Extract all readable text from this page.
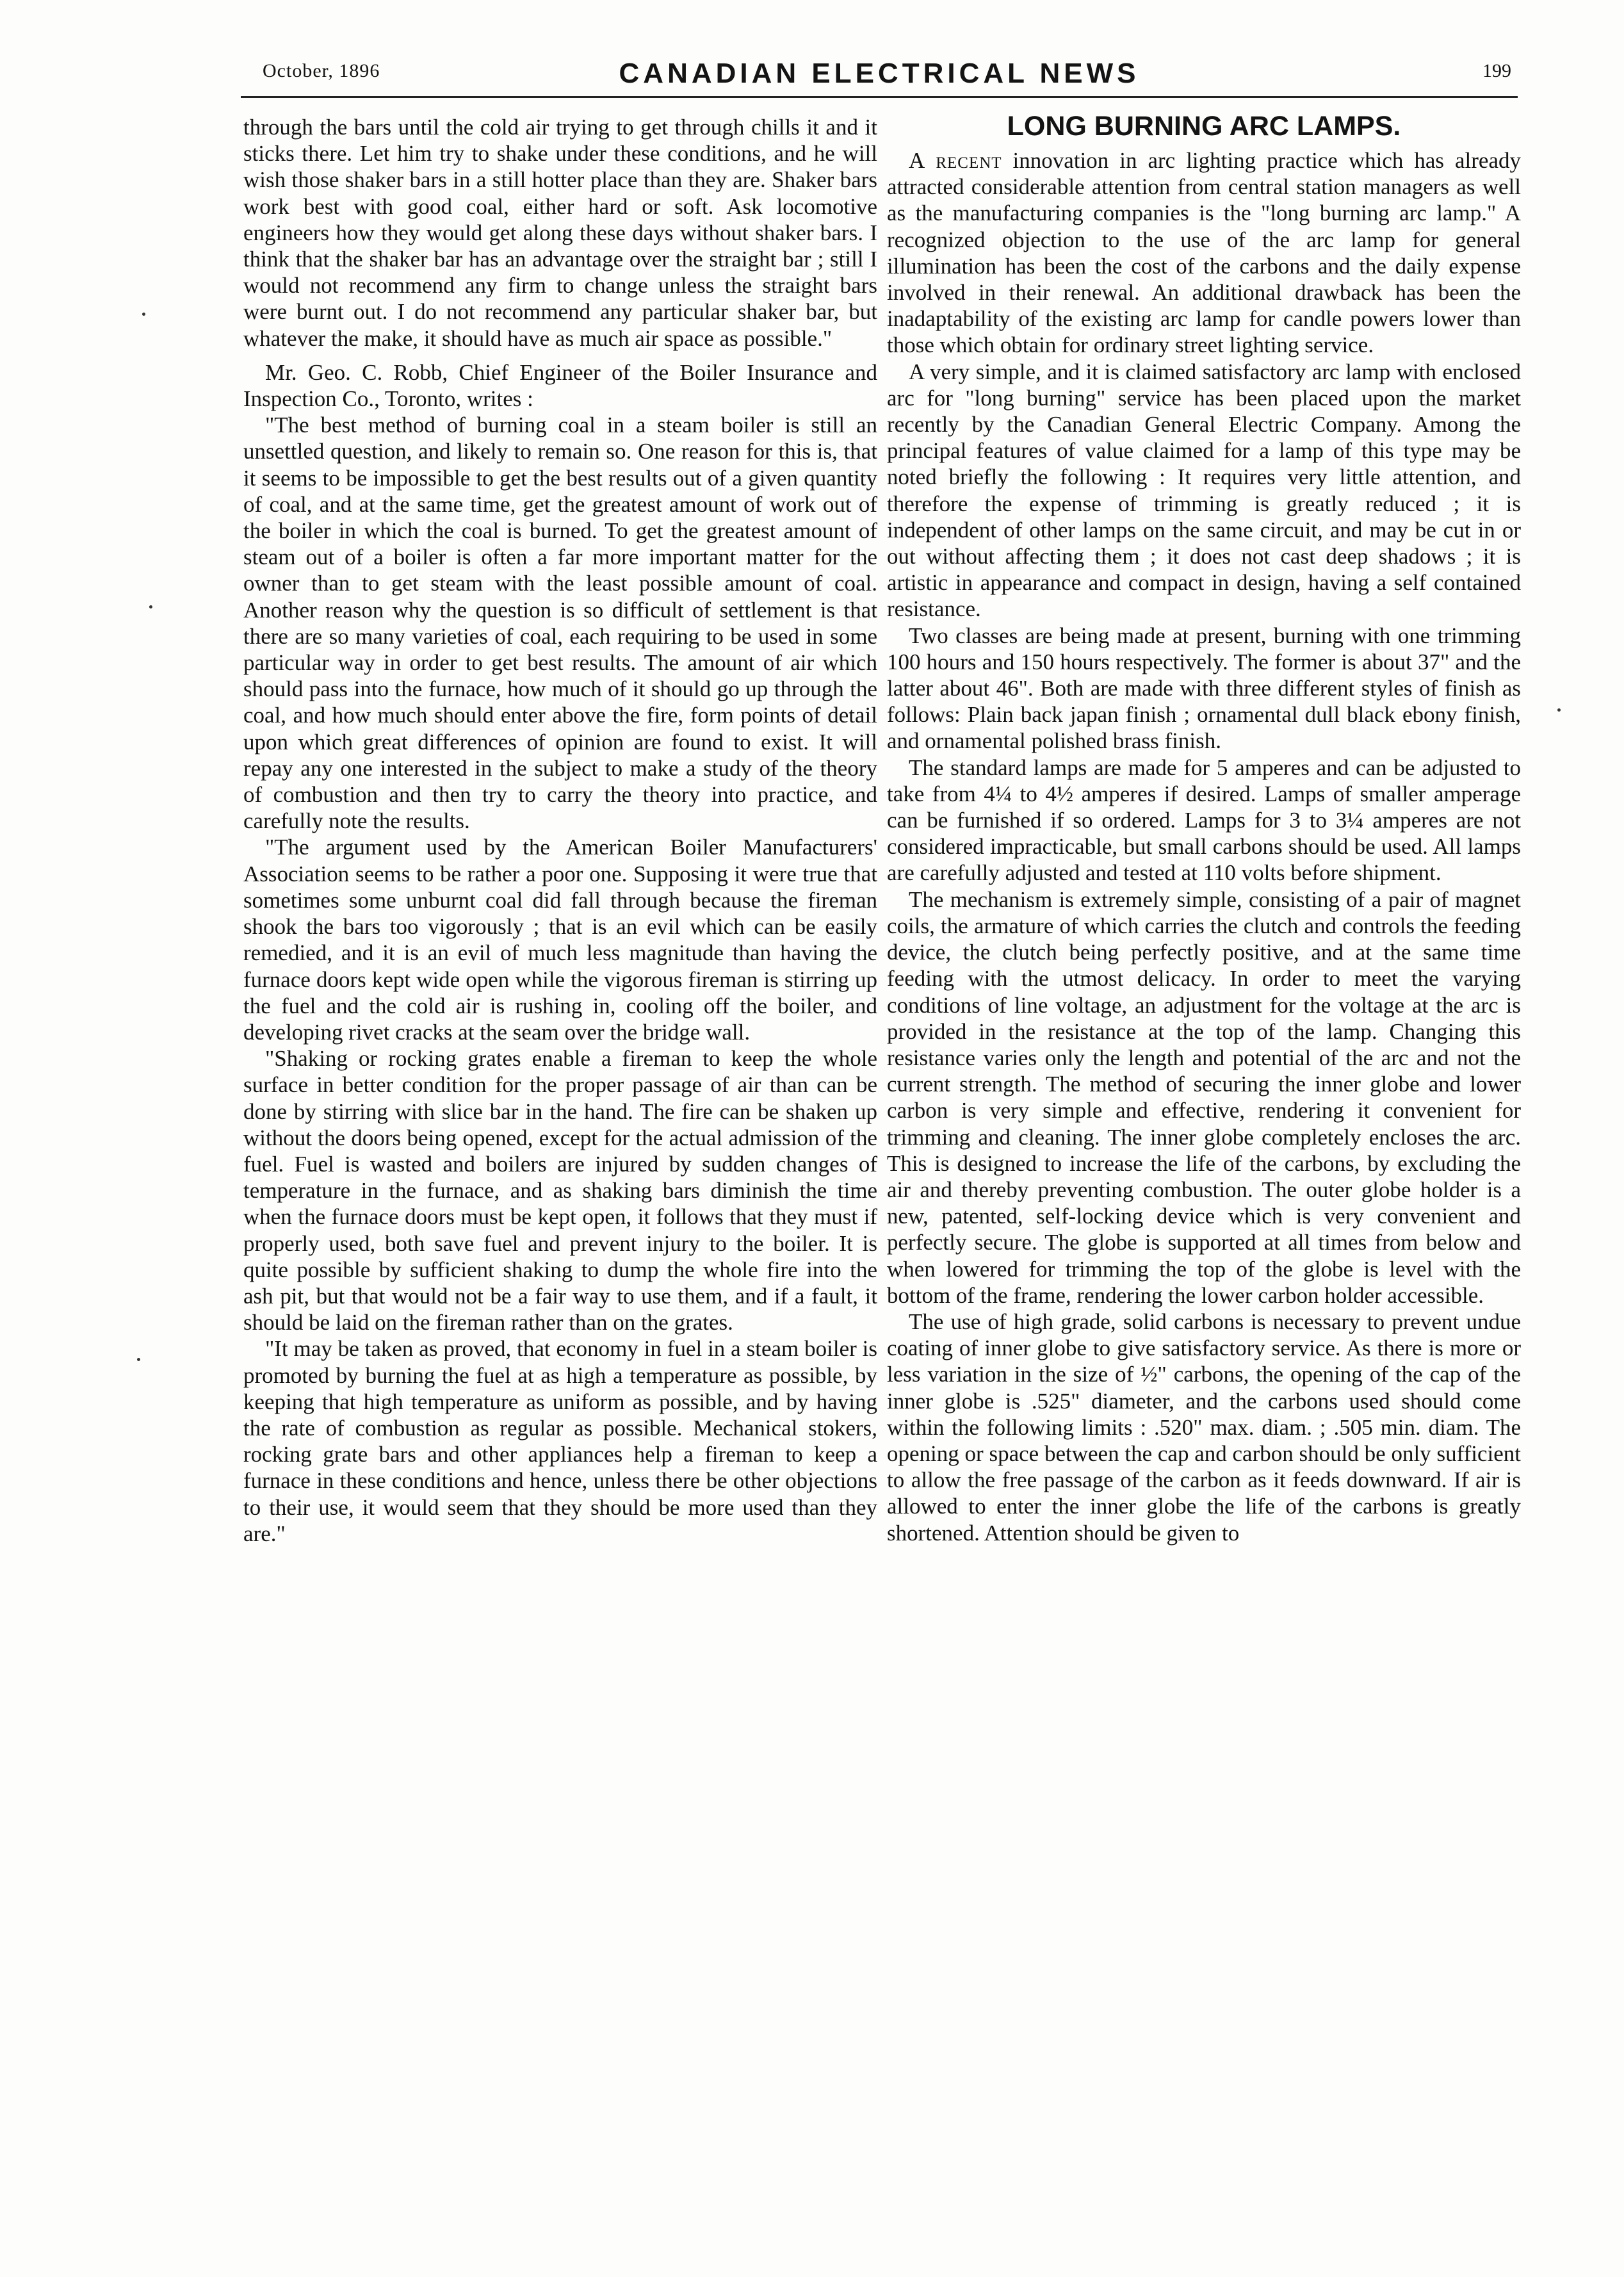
October, 1896	CANADIAN ELECTRICAL NEWS	199

through the bars until the cold air trying to get through chills it and it sticks there. Let him try to shake under these conditions, and he will wish those shaker bars in a still hotter place than they are. Shaker bars work best with good coal, either hard or soft. Ask locomotive engineers how they would get along these days without shaker bars. I think that the shaker bar has an advantage over the straight bar ; still I would not recommend any firm to change unless the straight bars were burnt out. I do not recommend any particular shaker bar, but whatever the make, it should have as much air space as possible."

Mr. Geo. C. Robb, Chief Engineer of the Boiler Insurance and Inspection Co., Toronto, writes :

"The best method of burning coal in a steam boiler is still an unsettled question, and likely to remain so. One reason for this is, that it seems to be impossible to get the best results out of a given quantity of coal, and at the same time, get the greatest amount of work out of the boiler in which the coal is burned. To get the greatest amount of steam out of a boiler is often a far more important matter for the owner than to get steam with the least possible amount of coal. Another reason why the question is so difficult of settlement is that there are so many varieties of coal, each requiring to be used in some particular way in order to get best results. The amount of air which should pass into the furnace, how much of it should go up through the coal, and how much should enter above the fire, form points of detail upon which great differences of opinion are found to exist. It will repay any one interested in the subject to make a study of the theory of combustion and then try to carry the theory into practice, and carefully note the results.

"The argument used by the American Boiler Manufacturers' Association seems to be rather a poor one. Supposing it were true that sometimes some unburnt coal did fall through because the fireman shook the bars too vigorously ; that is an evil which can be easily remedied, and it is an evil of much less magnitude than having the furnace doors kept wide open while the vigorous fireman is stirring up the fuel and the cold air is rushing in, cooling off the boiler, and developing rivet cracks at the seam over the bridge wall.

"Shaking or rocking grates enable a fireman to keep the whole surface in better condition for the proper passage of air than can be done by stirring with slice bar in the hand. The fire can be shaken up without the doors being opened, except for the actual admission of the fuel. Fuel is wasted and boilers are injured by sudden changes of temperature in the furnace, and as shaking bars diminish the time when the furnace doors must be kept open, it follows that they must if properly used, both save fuel and prevent injury to the boiler. It is quite possible by sufficient shaking to dump the whole fire into the ash pit, but that would not be a fair way to use them, and if a fault, it should be laid on the fireman rather than on the grates.

"It may be taken as proved, that economy in fuel in a steam boiler is promoted by burning the fuel at as high a temperature as possible, by keeping that high temperature as uniform as possible, and by having the rate of combustion as regular as possible. Mechanical stokers, rocking grate bars and other appliances help a fireman to keep a furnace in these conditions and hence, unless there be other objections to their use, it would seem that they should be more used than they are."

LONG BURNING ARC LAMPS.

A recent innovation in arc lighting practice which has already attracted considerable attention from central station managers as well as the manufacturing companies is the "long burning arc lamp." A recognized objection to the use of the arc lamp for general illumination has been the cost of the carbons and the daily expense involved in their renewal. An additional drawback has been the inadaptability of the existing arc lamp for candle powers lower than those which obtain for ordinary street lighting service.

A very simple, and it is claimed satisfactory arc lamp with enclosed arc for "long burning" service has been placed upon the market recently by the Canadian General Electric Company. Among the principal features of value claimed for a lamp of this type may be noted briefly the following : It requires very little attention, and therefore the expense of trimming is greatly reduced ; it is independent of other lamps on the same circuit, and may be cut in or out without affecting them ; it does not cast deep shadows ; it is artistic in appearance and compact in design, having a self contained resistance.

Two classes are being made at present, burning with one trimming 100 hours and 150 hours respectively. The former is about 37" and the latter about 46". Both are made with three different styles of finish as follows: Plain back japan finish ; ornamental dull black ebony finish, and ornamental polished brass finish.

The standard lamps are made for 5 amperes and can be adjusted to take from 4¼ to 4½ amperes if desired. Lamps of smaller amperage can be furnished if so ordered. Lamps for 3 to 3¼ amperes are not considered impracticable, but small carbons should be used. All lamps are carefully adjusted and tested at 110 volts before shipment.

The mechanism is extremely simple, consisting of a pair of magnet coils, the armature of which carries the clutch and controls the feeding device, the clutch being perfectly positive, and at the same time feeding with the utmost delicacy. In order to meet the varying conditions of line voltage, an adjustment for the voltage at the arc is provided in the resistance at the top of the lamp. Changing this resistance varies only the length and potential of the arc and not the current strength. The method of securing the inner globe and lower carbon is very simple and effective, rendering it convenient for trimming and cleaning. The inner globe completely encloses the arc. This is designed to increase the life of the carbons, by excluding the air and thereby preventing combustion. The outer globe holder is a new, patented, self-locking device which is very convenient and perfectly secure. The globe is supported at all times from below and when lowered for trimming the top of the globe is level with the bottom of the frame, rendering the lower carbon holder accessible.

The use of high grade, solid carbons is necessary to prevent undue coating of inner globe to give satisfactory service. As there is more or less variation in the size of ½" carbons, the opening of the cap of the inner globe is .525" diameter, and the carbons used should come within the following limits : .520" max. diam. ; .505 min. diam. The opening or space between the cap and carbon should be only sufficient to allow the free passage of the carbon as it feeds downward. If air is allowed to enter the inner globe the life of the carbons is greatly shortened. Attention should be given to
